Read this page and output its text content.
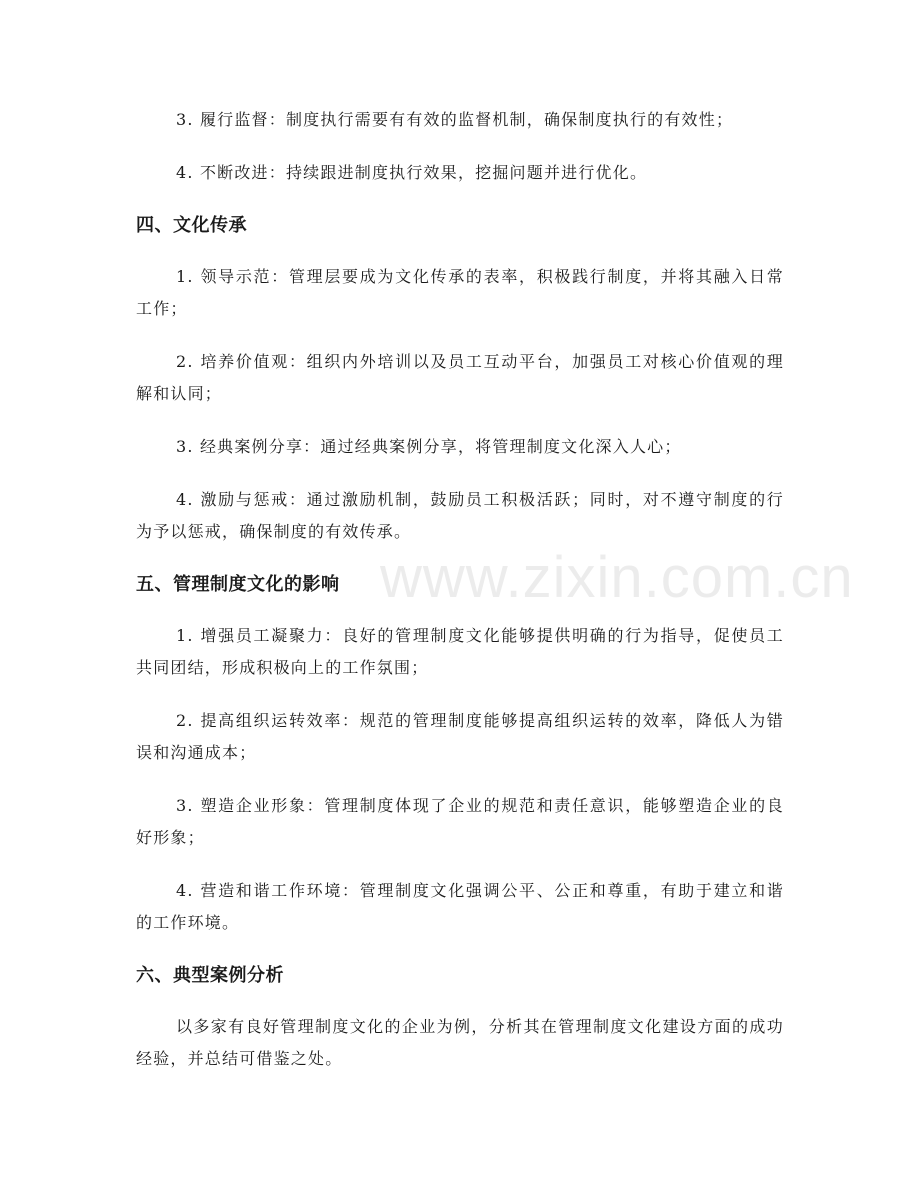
3. 履行监督：制度执行需要有有效的监督机制，确保制度执行的有效性；

4. 不断改进：持续跟进制度执行效果，挖掘问题并进行优化。

四、文化传承

1. 领导示范：管理层要成为文化传承的表率，积极践行制度，并将其融入日常工作；

2. 培养价值观：组织内外培训以及员工互动平台，加强员工对核心价值观的理解和认同；

3. 经典案例分享：通过经典案例分享，将管理制度文化深入人心；

4. 激励与惩戒：通过激励机制，鼓励员工积极活跃；同时，对不遵守制度的行为予以惩戒，确保制度的有效传承。

五、管理制度文化的影响

1. 增强员工凝聚力：良好的管理制度文化能够提供明确的行为指导，促使员工共同团结，形成积极向上的工作氛围；

2. 提高组织运转效率：规范的管理制度能够提高组织运转的效率，降低人为错误和沟通成本；

3. 塑造企业形象：管理制度体现了企业的规范和责任意识，能够塑造企业的良好形象；

4. 营造和谐工作环境：管理制度文化强调公平、公正和尊重，有助于建立和谐的工作环境。

六、典型案例分析

以多家有良好管理制度文化的企业为例，分析其在管理制度文化建设方面的成功经验，并总结可借鉴之处。

www.zixin.com.cn
